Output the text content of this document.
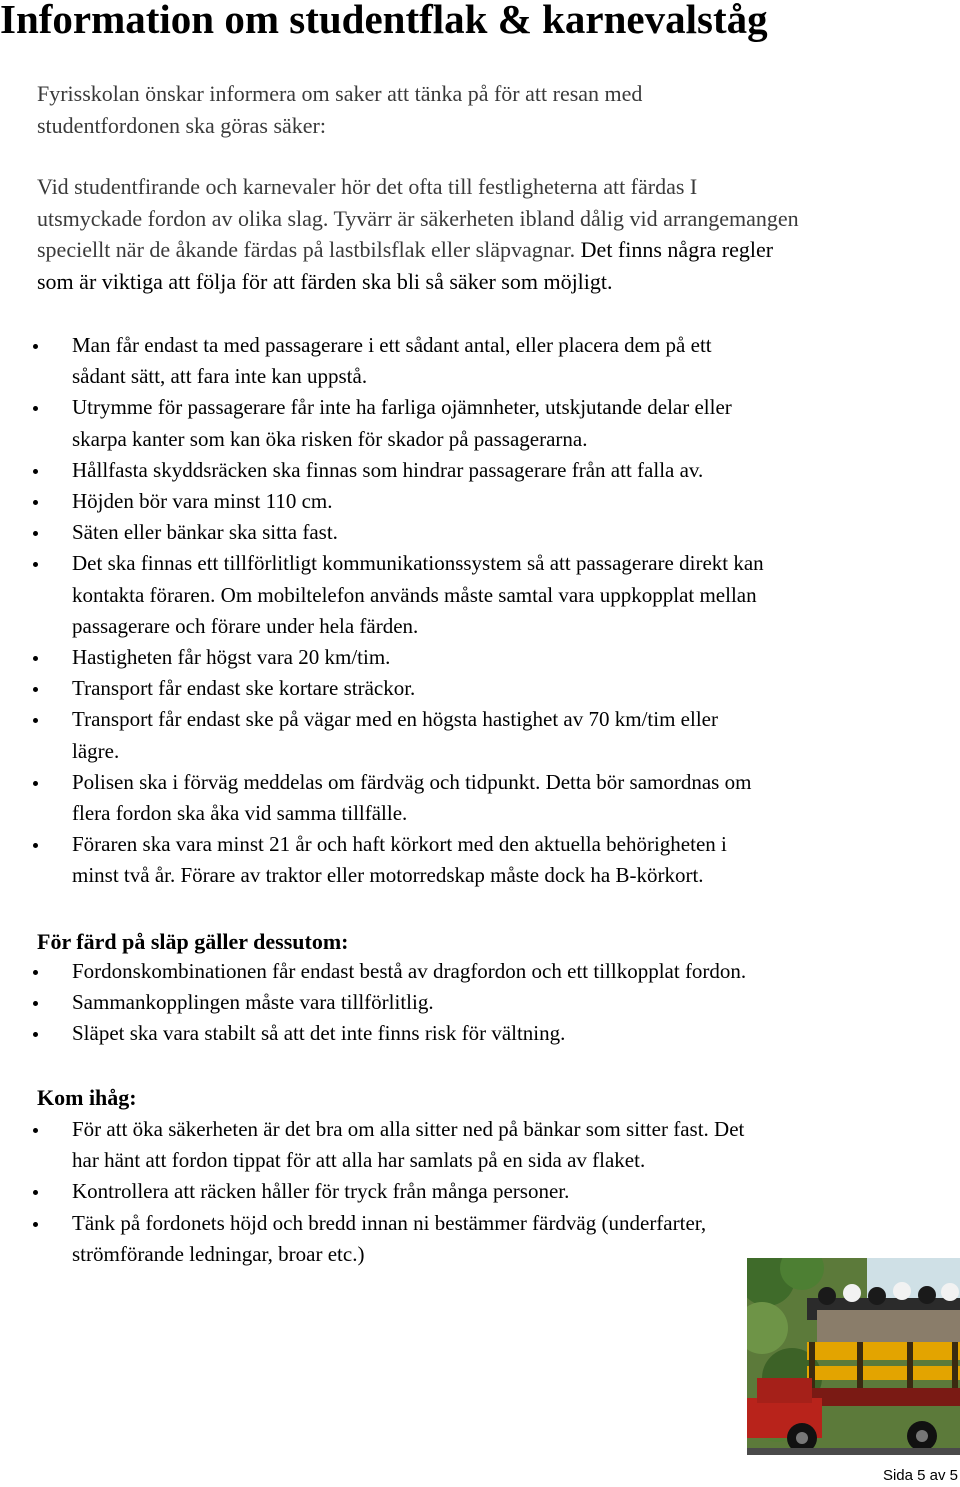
Information om studentflak & karnevalståg

Fyrisskolan önskar informera om saker att tänka på för att resan med
studentfordonen ska göras säker:

Vid studentfirande och karnevaler hör det ofta till festligheterna att färdas I
utsmyckade fordon av olika slag. Tyvärr är säkerheten ibland dålig vid arrangemangen
speciellt när de åkande färdas på lastbilsflak eller släpvagnar. Det finns några regler
som är viktiga att följa för att färden ska bli så säker som möjligt.

Man får endast ta med passagerare i ett sådant antal, eller placera dem på ett
sådant sätt, att fara inte kan uppstå.
Utrymme för passagerare får inte ha farliga ojämnheter, utskjutande delar eller
skarpa kanter som kan öka risken för skador på passagerarna.
Hållfasta skyddsräcken ska finnas som hindrar passagerare från att falla av.
Höjden bör vara minst 110 cm.
Säten eller bänkar ska sitta fast.
Det ska finnas ett tillförlitligt kommunikationssystem så att passagerare direkt kan
kontakta föraren. Om mobiltelefon används måste samtal vara uppkopplat mellan
passagerare och förare under hela färden.
Hastigheten får högst vara 20 km/tim.
Transport får endast ske kortare sträckor.
Transport får endast ske på vägar med en högsta hastighet av 70 km/tim eller
lägre.
Polisen ska i förväg meddelas om färdväg och tidpunkt. Detta bör samordnas om
flera fordon ska åka vid samma tillfälle.
Föraren ska vara minst 21 år och haft körkort med den aktuella behörigheten i
minst två år. Förare av traktor eller motorredskap måste dock ha B-körkort.
För färd på släp gäller dessutom:
Fordonskombinationen får endast bestå av dragfordon och ett tillkopplat fordon.
Sammankopplingen måste vara tillförlitlig.
Släpet ska vara stabilt så att det inte finns risk för vältning.
Kom ihåg:
För att öka säkerheten är det bra om alla sitter ned på bänkar som sitter fast. Det
har hänt att fordon tippat för att alla har samlats på en sida av flaket.
Kontrollera att räcken håller för tryck från många personer.
Tänk på fordonets höjd och bredd innan ni bestämmer färdväg (underfarter,
strömförande ledningar, broar etc.)

Sida 5 av 5
